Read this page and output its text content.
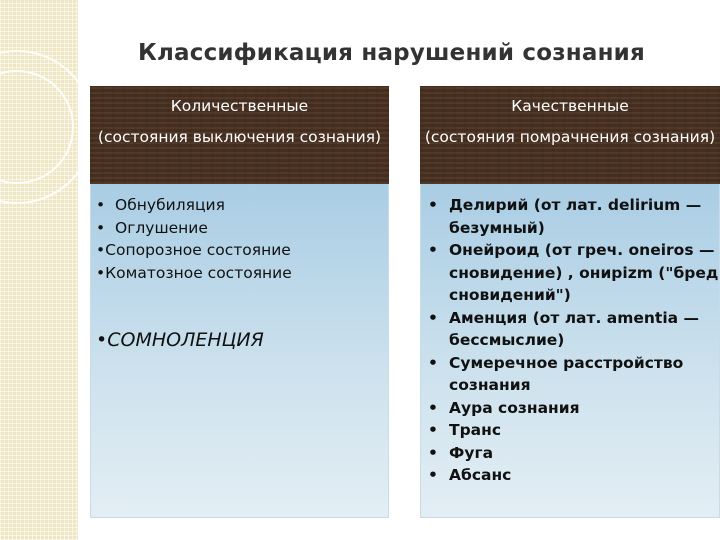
Классификация нарушений сознания
Количественные
(состояния выключения сознания)
Качественные
(состояния помрачнения сознания)
• Обнубиляция
• Оглушение
•Сопорозное состояние
•Коматозное состояние
•СОМНОЛЕНЦИЯ
• Делирий (от лат. delirium — безумный)
• Онейроид (от греч. oneiros — сновидение) , онирizm ("бред сновидений")
• Аменция (от лат. amentia — бессмыслие)
• Сумеречное расстройство сознания
• Аура сознания
• Транс
• Фуга
• Абсанс
